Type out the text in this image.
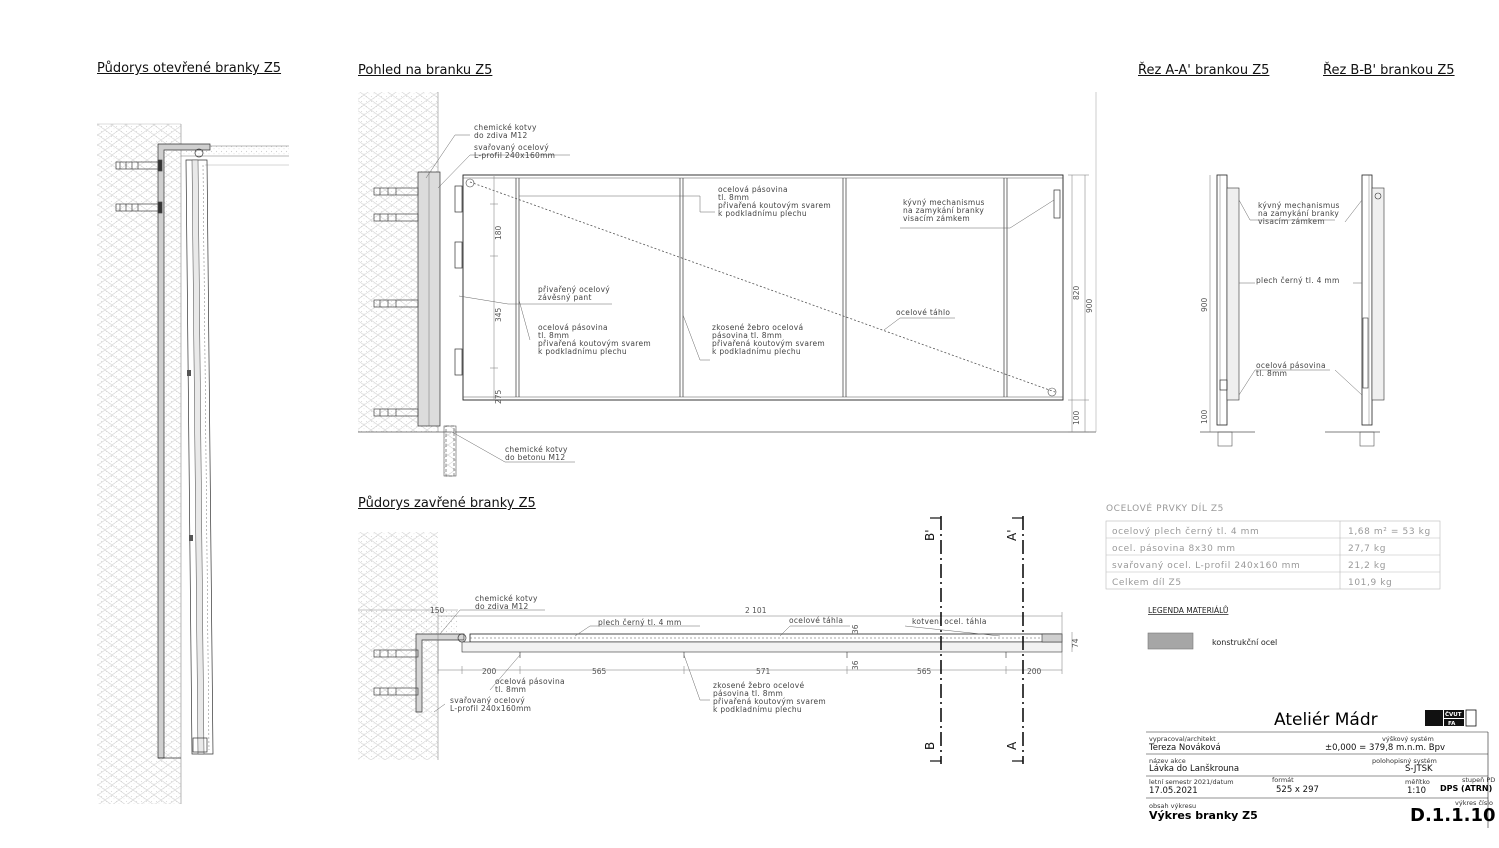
Půdorys otevřené branky Z5	Pohled na branku Z5	Řez A-A' brankou Z5	Řez B-B' brankou Z5
Půdorys zavřené branky Z5
chemické kotvy do zdiva M12
svařovaný ocelový L-profil 240x160mm
ocelová pásovina tl. 8mm přivařená koutovým svarem k podkladnímu plechu
kývný mechanismus na zamykání branky visacím zámkem
přivařený ocelový závěsný pant
ocelová pásovina tl. 8mm přivařená koutovým svarem k podkladnímu plechu
zkosené žebro ocelová pásovina tl. 8mm přivařená koutovým svarem k podkladnímu plechu
ocelové táhlo
chemické kotvy do betonu M12
180
345
275
820
900
100
kývný mechanismus na zamykání branky visacím zámkem
plech černý tl. 4 mm
ocelová pásovina tl. 8mm
900
100
chemické kotvy do zdiva M12
plech černý tl. 4 mm	ocelové táhla	kotvení ocel. táhla
ocelová pásovina tl. 8mm
svařovaný ocelový L-profil 240x160mm
zkosené žebro ocelové pásovina tl. 8mm přivařená koutovým svarem k podkladnímu plechu
2 101
150
200	565	571	565	200
36
36
74
B'	A'
B	A
OCELOVÉ PRVKY DÍL Z5
ocelový plech černý tl. 4 mm	1,68 m² = 53 kg
ocel. pásovina 8x30 mm	27,7 kg
svařovaný ocel. L-profil 240x160 mm	21,2 kg
Celkem díl Z5	101,9 kg
LEGENDA MATERIÁLŮ
konstrukční ocel
ČVUT
FA
Ateliér Mádr
vypracoval/architekt
Tereza Nováková
výškový systém
±0,000 = 379,8 m.n.m. Bpv
název akce
Lávka do Lanškrouna
polohopisný systém
S-JTSK
letní semestr 2021/datum
17.05.2021
formát
525 x 297
měřítko
1:10
stupeň PD
DPS (ATRN)
obsah výkresu
Výkres branky Z5
výkres číslo
D.1.1.10
